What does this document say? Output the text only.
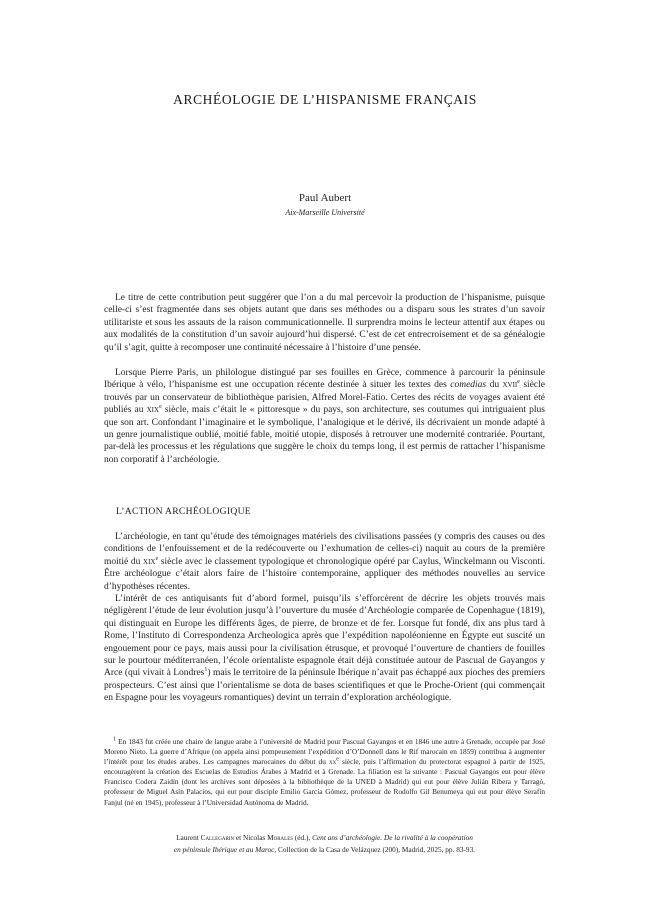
ARCHÉOLOGIE DE L’HISPANISME FRANÇAIS
Paul Aubert
Aix-Marseille Université

Le titre de cette contribution peut suggérer que l’on a du mal percevoir la production de l’hispanisme, puisque celle-ci s’est fragmentée dans ses objets autant que dans ses méthodes ou a disparu sous les strates d’un savoir utilitariste et sous les assauts de la raison communicationnelle. Il surprendra moins le lecteur attentif aux étapes ou aux modalités de la constitution d’un savoir aujourd’hui dispersé. C’est de cet entrecroisement et de sa généalogie qu’il s’agit, quitte à recomposer une continuité nécessaire à l’histoire d’une pensée.

Lorsque Pierre Paris, un philologue distingué par ses fouilles en Grèce, commence à parcourir la péninsule Ibérique à vélo, l’hispanisme est une occupation récente destinée à situer les textes des comedias du xvii$^e$ siècle trouvés par un conservateur de bibliothèque parisien, Alfred Morel-Fatio. Certes des récits de voyages avaient été publiés au xix$^e$ siècle, mais c’était le « pittoresque » du pays, son architecture, ses coutumes qui intriguaient plus que son art. Confondant l’imaginaire et le symbolique, l’analogique et le dérivé, ils décrivaient un monde adapté à un genre journalistique oublié, moitié fable, moitié utopie, disposés à retrouver une modernité contrariée. Pourtant, par-delà les processus et les régulations que suggère le choix du temps long, il est permis de rattacher l’hispanisme non corporatif à l’archéologie.

L’ACTION ARCHÉOLOGIQUE

L’archéologie, en tant qu’étude des témoignages matériels des civilisations passées (y compris des causes ou des conditions de l’enfouissement et de la redécouverte ou l’exhumation de celles-ci) naquit au cours de la première moitié du xix$^e$ siècle avec le classement typologique et chronologique opéré par Caylus, Winckelmann ou Visconti. Être archéologue c’était alors faire de l’histoire contemporaine, appliquer des méthodes nouvelles au service d’hypothèses récentes.

L’intérêt de ces antiquisants fut d’abord formel, puisqu’ils s’efforcèrent de décrire les objets trouvés mais négligèrent l’étude de leur évolution jusqu’à l’ouverture du musée d’Archéologie comparée de Copenhague (1819), qui distinguait en Europe les différents âges, de pierre, de bronze et de fer. Lorsque fut fondé, dix ans plus tard à Rome, l’Instituto di Correspondenza Archeologica après que l’expédition napoléonienne en Égypte eut suscité un engouement pour ce pays, mais aussi pour la civilisation étrusque, et provoqué l’ouverture de chantiers de fouilles sur le pourtour méditerranéen, l’école orientaliste espagnole était déjà constituée autour de Pascual de Gayangos y Arce (qui vivait à Londres$^1$) mais le territoire de la péninsule Ibérique n’avait pas échappé aux pioches des premiers prospecteurs. C’est ainsi que l’orientalisme se dota de bases scientifiques et que le Proche-Orient (qui commençait en Espagne pour les voyageurs romantiques) devint un terrain d’exploration archéologique.

$^1$ En 1843 fut créée une chaire de langue arabe à l’université de Madrid pour Pascual Gayangos et en 1846 une autre à Grenade, occupée par José Moreno Nieto. La guerre d’Afrique (on appela ainsi pompeusement l’expédition d’O’Donnell dans le Rif marocain en 1859) contribua à augmenter l’intérêt pour les études arabes. Les campagnes marocaines du début du $xx^e$ siècle, puis l’affirmation du protectorat espagnol à partir de 1925, encouragèrent la création des Escuelas de Estudios Árabes à Madrid et à Grenade. La filiation est la suivante : Pascual Gayangos eut pour élève Francisco Codera Zaidín (dont les archives sont déposées à la bibliothèque de la UNED à Madrid) qui eut pour élève Julián Ribera y Tarragó, professeur de Miguel Asín Palacios, qui eut pour disciple Emilio García Gómez, professeur de Rodolfo Gil Benumeya qui eut pour élève Serafín Fanjul (né en 1945), professeur à l’Universidad Autónoma de Madrid.

Laurent Callegarin et Nicolas Morales (éd.), Cent ans d’archéologie. De la rivalité à la coopération
en péninsule Ibérique et au Maroc, Collection de la Casa de Velázquez (200), Madrid, 2025, pp. 83-93.
